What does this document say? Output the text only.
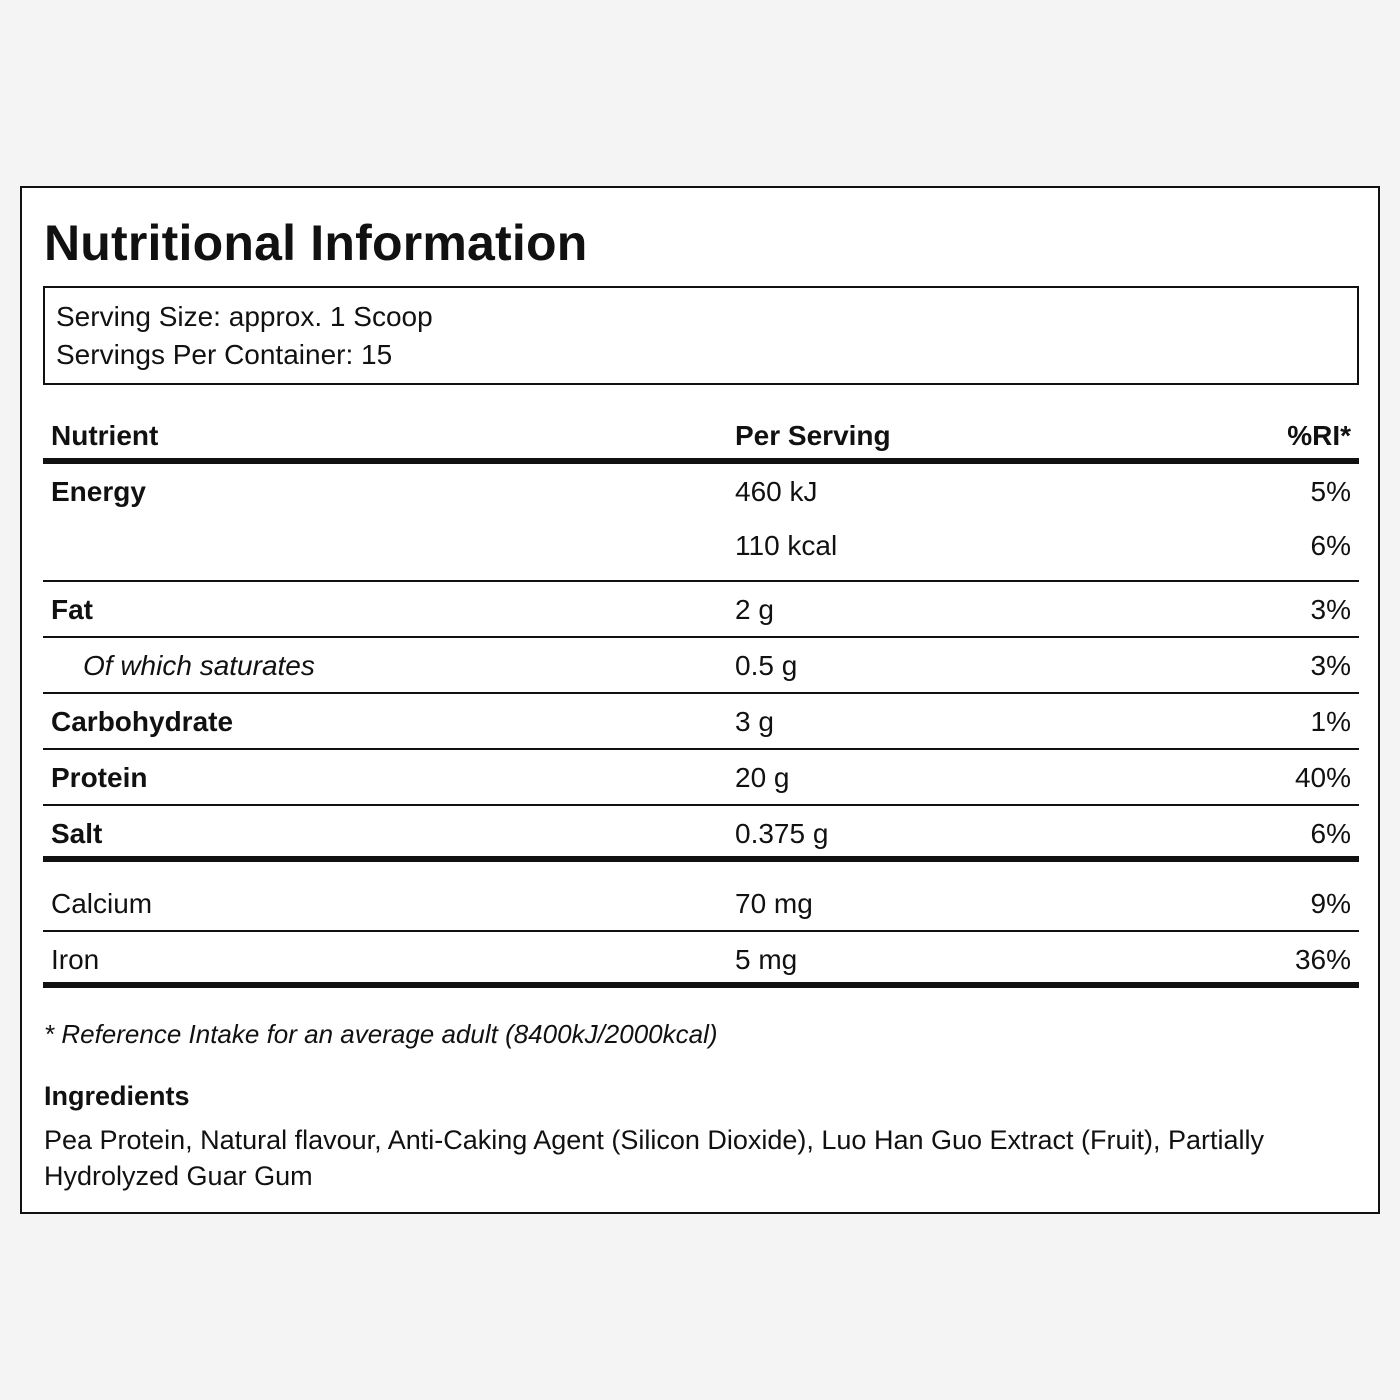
Nutritional Information
Serving Size: approx. 1 Scoop
Servings Per Container: 15
Nutrient	Per Serving	%RI*
Energy	460 kJ	5%
110 kcal	6%
Fat	2 g	3%
Of which saturates	0.5 g	3%
Carbohydrate	3 g	1%
Protein	20 g	40%
Salt	0.375 g	6%
Calcium	70 mg	9%
Iron	5 mg	36%
* Reference Intake for an average adult (8400kJ/2000kcal)
Ingredients
Pea Protein, Natural flavour, Anti-Caking Agent (Silicon Dioxide), Luo Han Guo Extract (Fruit), Partially Hydrolyzed Guar Gum
